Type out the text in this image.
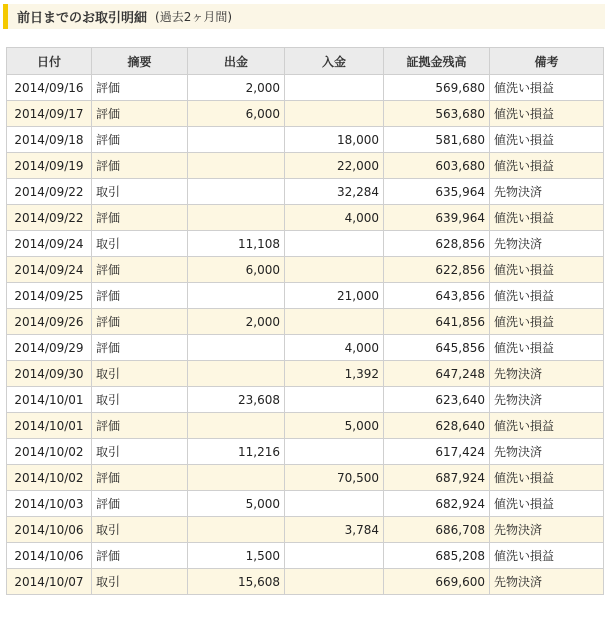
前日までのお取引明細 (過去2ヶ月間)
日付	摘要	出金	入金	証拠金残高	備考
2014/09/16	評価	2,000		569,680	値洗い損益
2014/09/17	評価	6,000		563,680	値洗い損益
2014/09/18	評価		18,000	581,680	値洗い損益
2014/09/19	評価		22,000	603,680	値洗い損益
2014/09/22	取引		32,284	635,964	先物決済
2014/09/22	評価		4,000	639,964	値洗い損益
2014/09/24	取引	11,108		628,856	先物決済
2014/09/24	評価	6,000		622,856	値洗い損益
2014/09/25	評価		21,000	643,856	値洗い損益
2014/09/26	評価	2,000		641,856	値洗い損益
2014/09/29	評価		4,000	645,856	値洗い損益
2014/09/30	取引		1,392	647,248	先物決済
2014/10/01	取引	23,608		623,640	先物決済
2014/10/01	評価		5,000	628,640	値洗い損益
2014/10/02	取引	11,216		617,424	先物決済
2014/10/02	評価		70,500	687,924	値洗い損益
2014/10/03	評価	5,000		682,924	値洗い損益
2014/10/06	取引		3,784	686,708	先物決済
2014/10/06	評価	1,500		685,208	値洗い損益
2014/10/07	取引	15,608		669,600	先物決済
